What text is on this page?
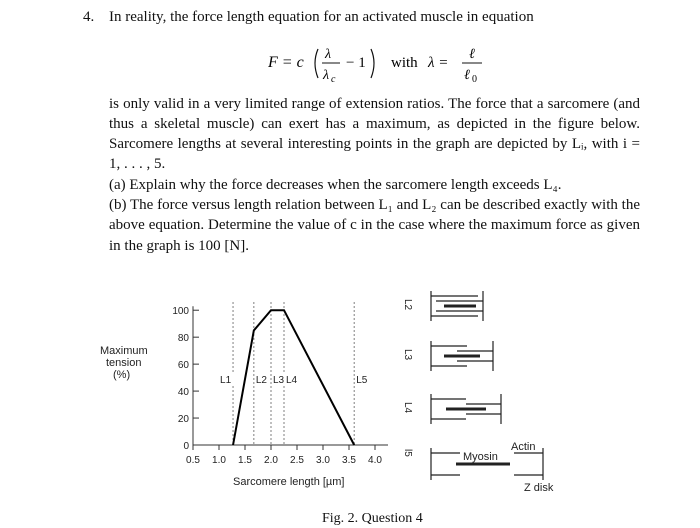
4. In reality, the force length equation for an activated muscle in equation
F = c λ
λ c
− 1 with λ =
ℓ
ℓ 0
is only valid in a very limited range of extension ratios. The force that a sarcomere (and
thus a skeletal muscle) can exert has a maximum, as depicted in the figure below.
Sarcomere lengths at several interesting points in the graph are depicted by Lᵢ, with i =
1, . . . , 5.
(a) Explain why the force decreases when the sarcomere length exceeds L₄.
(b) The force versus length relation between L₁ and L₂ can be described exactly with the
above equation. Determine the value of c in the case where the maximum force as given
in the graph is 100 [N].
0
20
40
60
80
100
0.5 1.0 1.5 2.0 2.5 3.0 3.5 4.0
L1 L2 L3 L4	L5
Maximum
tension
(%)
Sarcomere length [µm]
L2
L3
L4
l5	Myosin
Actin
Z disk
Fig. 2. Question 4
